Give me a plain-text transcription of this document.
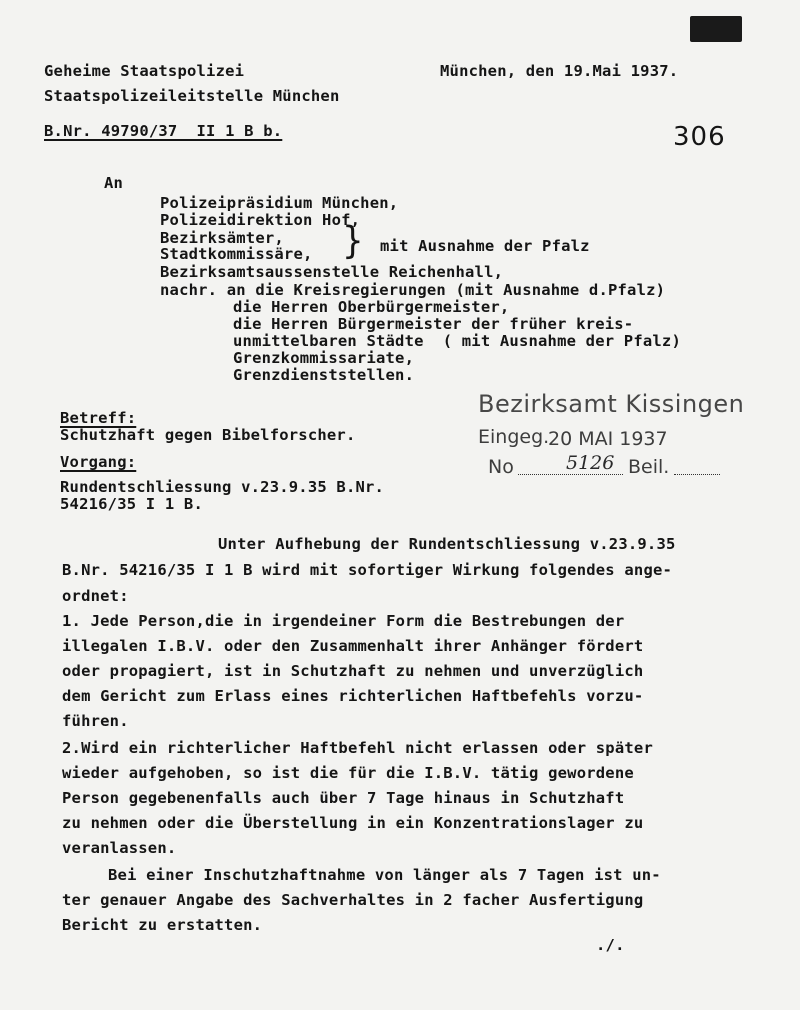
Geheime Staatspolizei
Staatspolizeileitstelle München
München, den 19.Mai 1937.
B.Nr. 49790/37  II 1 B b.	306
An
Polizeipräsidium München,
Polizeidirektion Hof,
Bezirksämter,
Stadtkommissäre, } mit Ausnahme der Pfalz
Bezirksamtsaussenstelle Reichenhall,
nachr. an die Kreisregierungen (mit Ausnahme d.Pfalz)
die Herren Oberbürgermeister,
die Herren Bürgermeister der früher kreis-
unmittelbaren Städte  ( mit Ausnahme der Pfalz)
Grenzkommissariate,
Grenzdienststellen.
Bezirksamt Kissingen
Eingeg.
20 MAI 1937
No	5126 Beil.
Betreff:
Schutzhaft gegen Bibelforscher.
Vorgang:
Rundentschliessung v.23.9.35 B.Nr.
54216/35 I 1 B.
Unter Aufhebung der Rundentschliessung v.23.9.35
B.Nr. 54216/35 I 1 B wird mit sofortiger Wirkung folgendes ange-
ordnet:
1. Jede Person,die in irgendeiner Form die Bestrebungen der
illegalen I.B.V. oder den Zusammenhalt ihrer Anhänger fördert
oder propagiert, ist in Schutzhaft zu nehmen und unverzüglich
dem Gericht zum Erlass eines richterlichen Haftbefehls vorzu-
führen.
2.Wird ein richterlicher Haftbefehl nicht erlassen oder später
wieder aufgehoben, so ist die für die I.B.V. tätig gewordene
Person gegebenenfalls auch über 7 Tage hinaus in Schutzhaft
zu nehmen oder die Überstellung in ein Konzentrationslager zu
veranlassen.
Bei einer Inschutzhaftnahme von länger als 7 Tagen ist un-
ter genauer Angabe des Sachverhaltes in 2 facher Ausfertigung
Bericht zu erstatten.
./.
